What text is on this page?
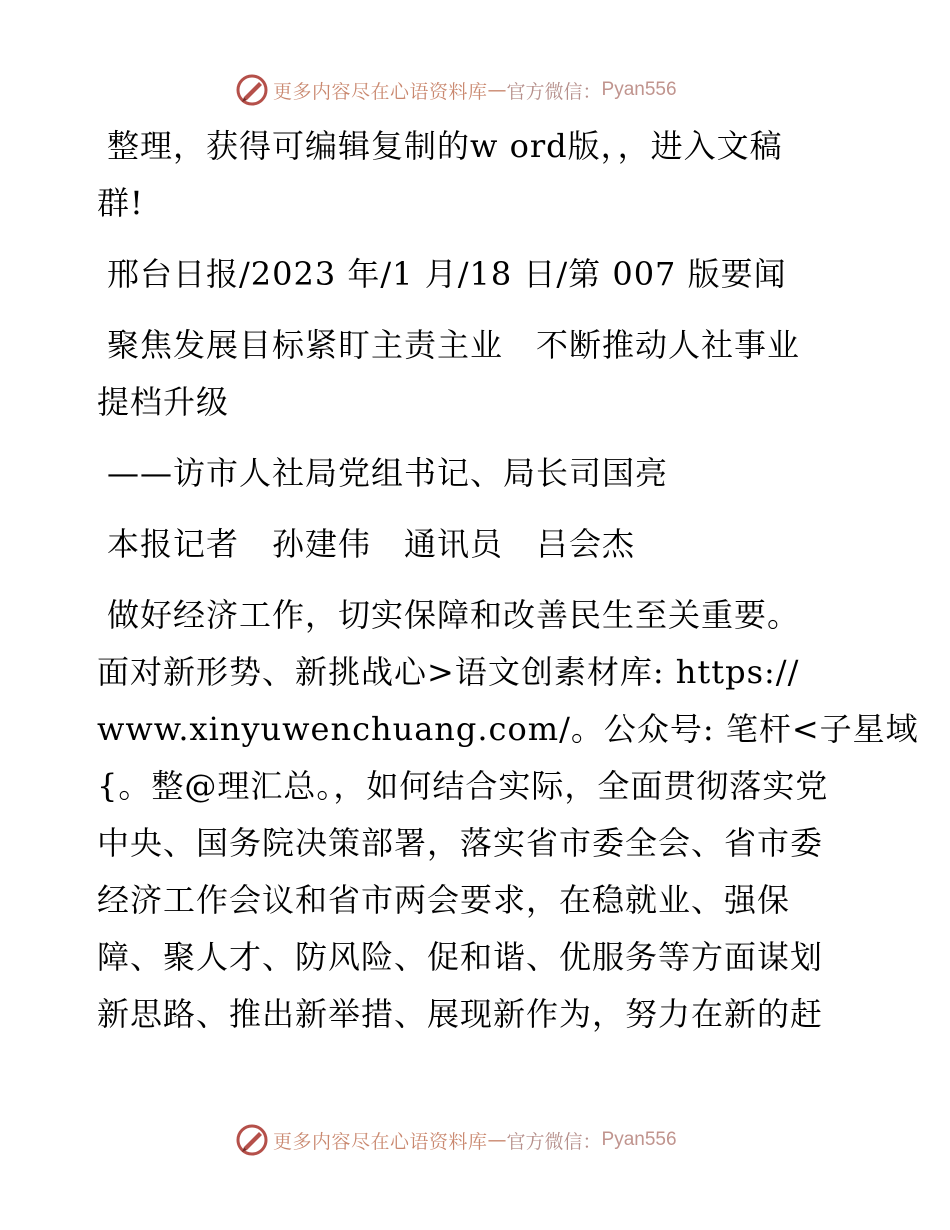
更多内容尽在心语资料库 — 官方微信： Pyan556
整理，获得可编辑复制的w ord版，，进入文稿
群!
邢台日报/2023 年/1 月/18 日/第 007 版要闻
聚焦发展目标紧盯主责主业　不断推动人社事业
提档升级
——访市人社局党组书记、局长司国亮
本报记者　孙建伟　通讯员　吕会杰
做好经济工作，切实保障和改善民生至关重要。
面对新形势、新挑战心>语文创素材库: https://
www.xinyuwenchuang.com/。公众号: 笔杆<子星域
{。整@理汇总。，如何结合实际，全面贯彻落实党
中央、国务院决策部署，落实省市委全会、省市委
经济工作会议和省市两会要求，在稳就业、强保
障、聚人才、防风险、促和谐、优服务等方面谋划
新思路、推出新举措、展现新作为，努力在新的赶
更多内容尽在心语资料库 — 官方微信： Pyan556
